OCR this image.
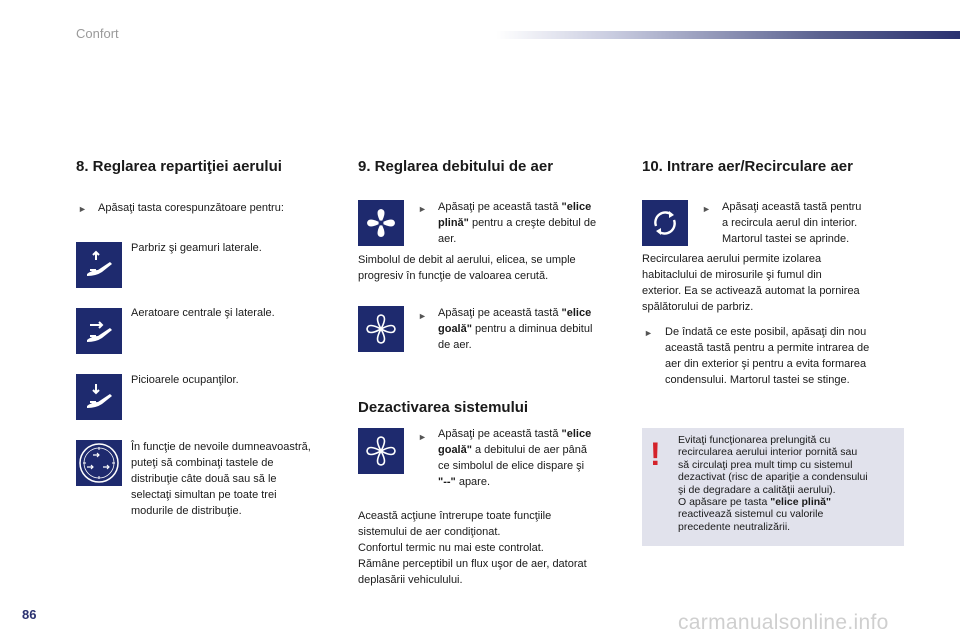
Confort
8. Reglarea repartiţiei aerului
► Apăsaţi tasta corespunzătoare pentru:
Parbriz şi geamuri laterale.
Aeratoare centrale şi laterale.
Picioarele ocupanţilor.
În funcţie de nevoile dumneavoastră,
puteţi să combinaţi tastele de
distribuţie câte două sau să le
selectaţi simultan pe toate trei
modurile de distribuţie.
9. Reglarea debitului de aer
► Apăsaţi pe această tastă "elice
plină" pentru a creşte debitul de
aer.
Simbolul de debit al aerului, elicea, se umple
progresiv în funcţie de valoarea cerută.
► Apăsaţi pe această tastă "elice
goală" pentru a diminua debitul
de aer.
Dezactivarea sistemului
► Apăsaţi pe această tastă "elice
goală" a debitului de aer până
ce simbolul de elice dispare şi
"--" apare.
Această acţiune întrerupe toate funcţiile
sistemului de aer condiţionat.
Confortul termic nu mai este controlat.
Rămâne perceptibil un flux uşor de aer, datorat
deplasării vehiculului.
10. Intrare aer/Recirculare aer
► Apăsaţi această tastă pentru
a recircula aerul din interior.
Martorul tastei se aprinde.
Recircularea aerului permite izolarea
habitaclului de mirosurile şi fumul din
exterior. Ea se activează automat la pornirea
spălătorului de parbriz.
► De îndată ce este posibil, apăsaţi din nou
această tastă pentru a permite intrarea de
aer din exterior şi pentru a evita formarea
condensului. Martorul tastei se stinge.
! Evitaţi funcţionarea prelungită cu
recircularea aerului interior pornită sau
să circulaţi prea mult timp cu sistemul
dezactivat (risc de apariţie a condensului
şi de degradare a calităţii aerului).
O apăsare pe tasta "elice plină"
reactivează sistemul cu valorile
precedente neutralizării.
86	carmanualsonline.info
